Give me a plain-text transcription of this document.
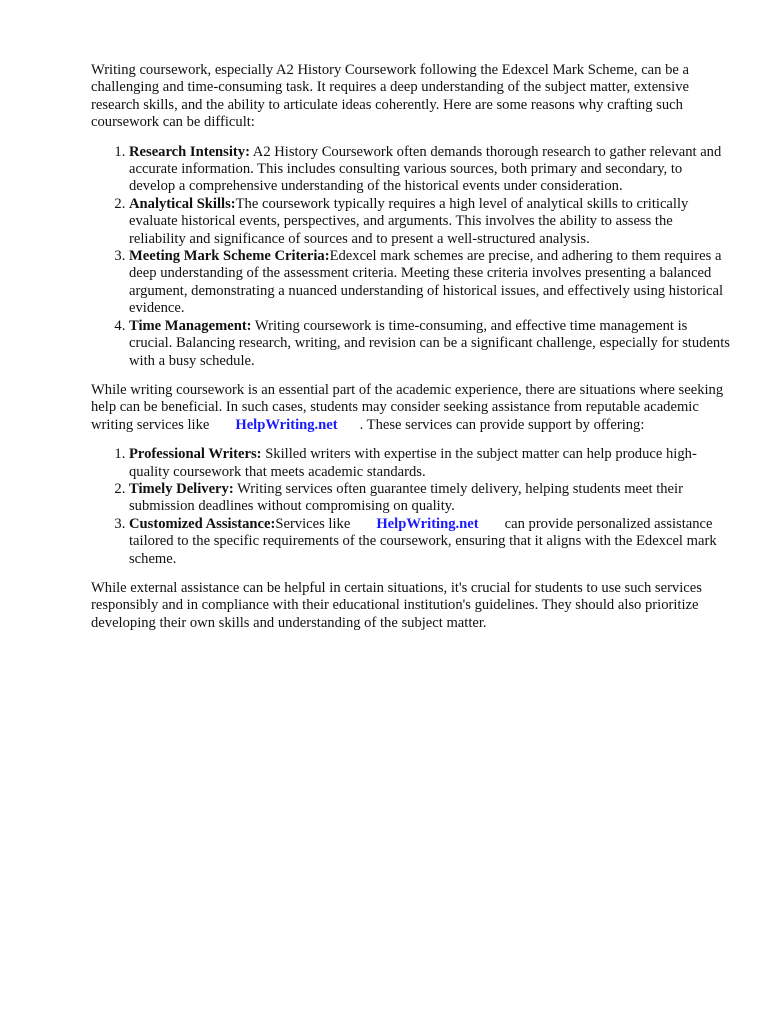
Writing coursework, especially A2 History Coursework following the Edexcel Mark Scheme, can be a challenging and time-consuming task. It requires a deep understanding of the subject matter, extensive research skills, and the ability to articulate ideas coherently. Here are some reasons why crafting such coursework can be difficult:

1. Research Intensity: A2 History Coursework often demands thorough research to gather relevant and accurate information. This includes consulting various sources, both primary and secondary, to develop a comprehensive understanding of the historical events under consideration.
2. Analytical Skills:The coursework typically requires a high level of analytical skills to critically evaluate historical events, perspectives, and arguments. This involves the ability to assess the reliability and significance of sources and to present a well-structured analysis.
3. Meeting Mark Scheme Criteria:Edexcel mark schemes are precise, and adhering to them requires a deep understanding of the assessment criteria. Meeting these criteria involves presenting a balanced argument, demonstrating a nuanced understanding of historical issues, and effectively using historical evidence.
4. Time Management: Writing coursework is time-consuming, and effective time management is crucial. Balancing research, writing, and revision can be a significant challenge, especially for students with a busy schedule.

While writing coursework is an essential part of the academic experience, there are situations where seeking help can be beneficial. In such cases, students may consider seeking assistance from reputable academic writing services like HelpWriting.net . These services can provide support by offering:

1. Professional Writers: Skilled writers with expertise in the subject matter can help produce high-quality coursework that meets academic standards.
2. Timely Delivery: Writing services often guarantee timely delivery, helping students meet their submission deadlines without compromising on quality.
3. Customized Assistance:Services like HelpWriting.net can provide personalized assistance tailored to the specific requirements of the coursework, ensuring that it aligns with the Edexcel mark scheme.

While external assistance can be helpful in certain situations, it's crucial for students to use such services responsibly and in compliance with their educational institution's guidelines. They should also prioritize developing their own skills and understanding of the subject matter.
